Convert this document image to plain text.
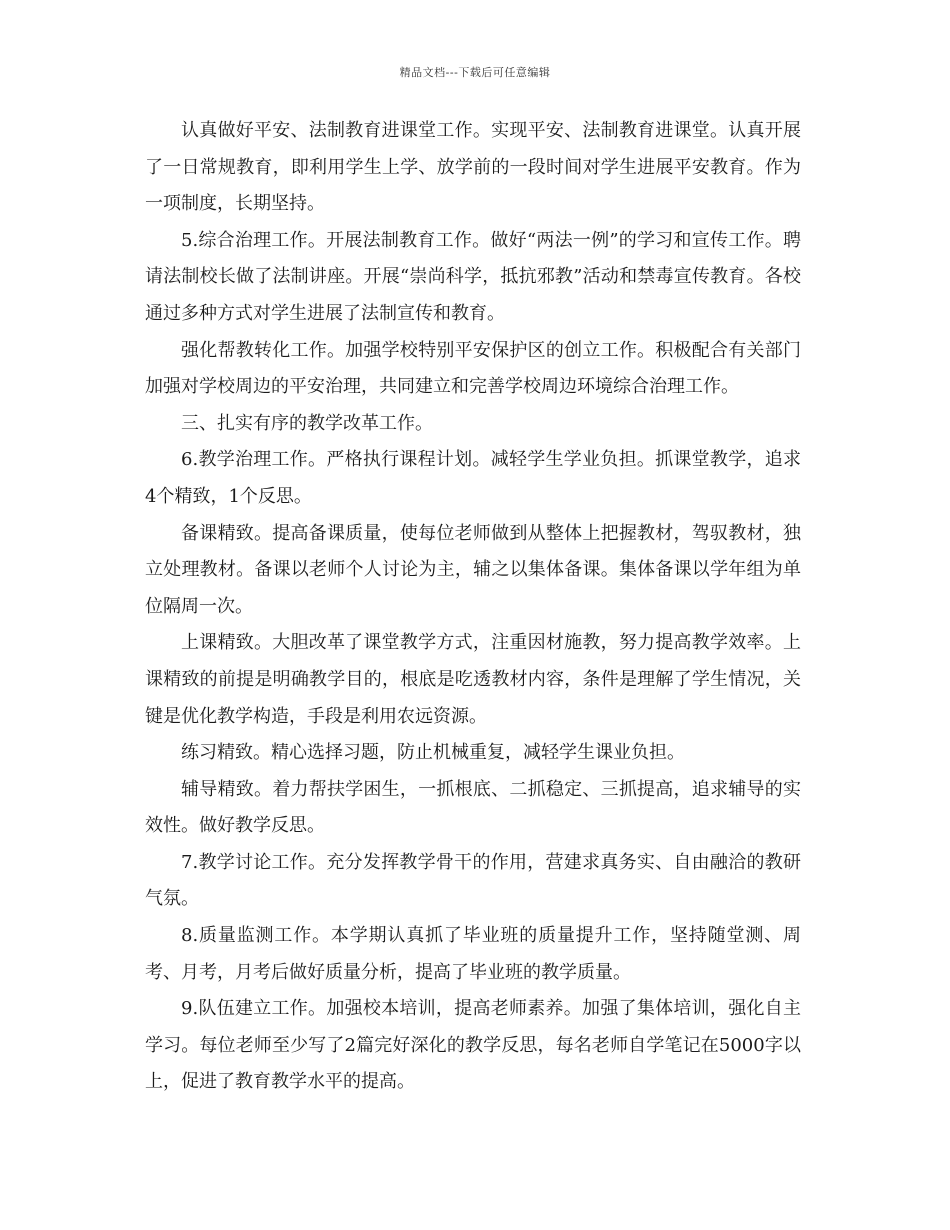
精品文档---下载后可任意编辑

认真做好平安、法制教育进课堂工作。实现平安、法制教育进课堂。认真开展了一日常规教育，即利用学生上学、放学前的一段时间对学生进展平安教育。作为一项制度，长期坚持。

5.综合治理工作。开展法制教育工作。做好“两法一例”的学习和宣传工作。聘请法制校长做了法制讲座。开展“崇尚科学，抵抗邪教”活动和禁毒宣传教育。各校通过多种方式对学生进展了法制宣传和教育。

强化帮教转化工作。加强学校特别平安保护区的创立工作。积极配合有关部门加强对学校周边的平安治理，共同建立和完善学校周边环境综合治理工作。

三、扎实有序的教学改革工作。

6.教学治理工作。严格执行课程计划。减轻学生学业负担。抓课堂教学，追求4个精致，1个反思。

备课精致。提高备课质量，使每位老师做到从整体上把握教材，驾驭教材，独立处理教材。备课以老师个人讨论为主，辅之以集体备课。集体备课以学年组为单位隔周一次。

上课精致。大胆改革了课堂教学方式，注重因材施教，努力提高教学效率。上课精致的前提是明确教学目的，根底是吃透教材内容，条件是理解了学生情况，关键是优化教学构造，手段是利用农远资源。

练习精致。精心选择习题，防止机械重复，减轻学生课业负担。

辅导精致。着力帮扶学困生，一抓根底、二抓稳定、三抓提高，追求辅导的实效性。做好教学反思。

7.教学讨论工作。充分发挥教学骨干的作用，营建求真务实、自由融洽的教研气氛。

8.质量监测工作。本学期认真抓了毕业班的质量提升工作，坚持随堂测、周考、月考，月考后做好质量分析，提高了毕业班的教学质量。

9.队伍建立工作。加强校本培训，提高老师素养。加强了集体培训，强化自主学习。每位老师至少写了2篇完好深化的教学反思，每名老师自学笔记在5000字以上，促进了教育教学水平的提高。
